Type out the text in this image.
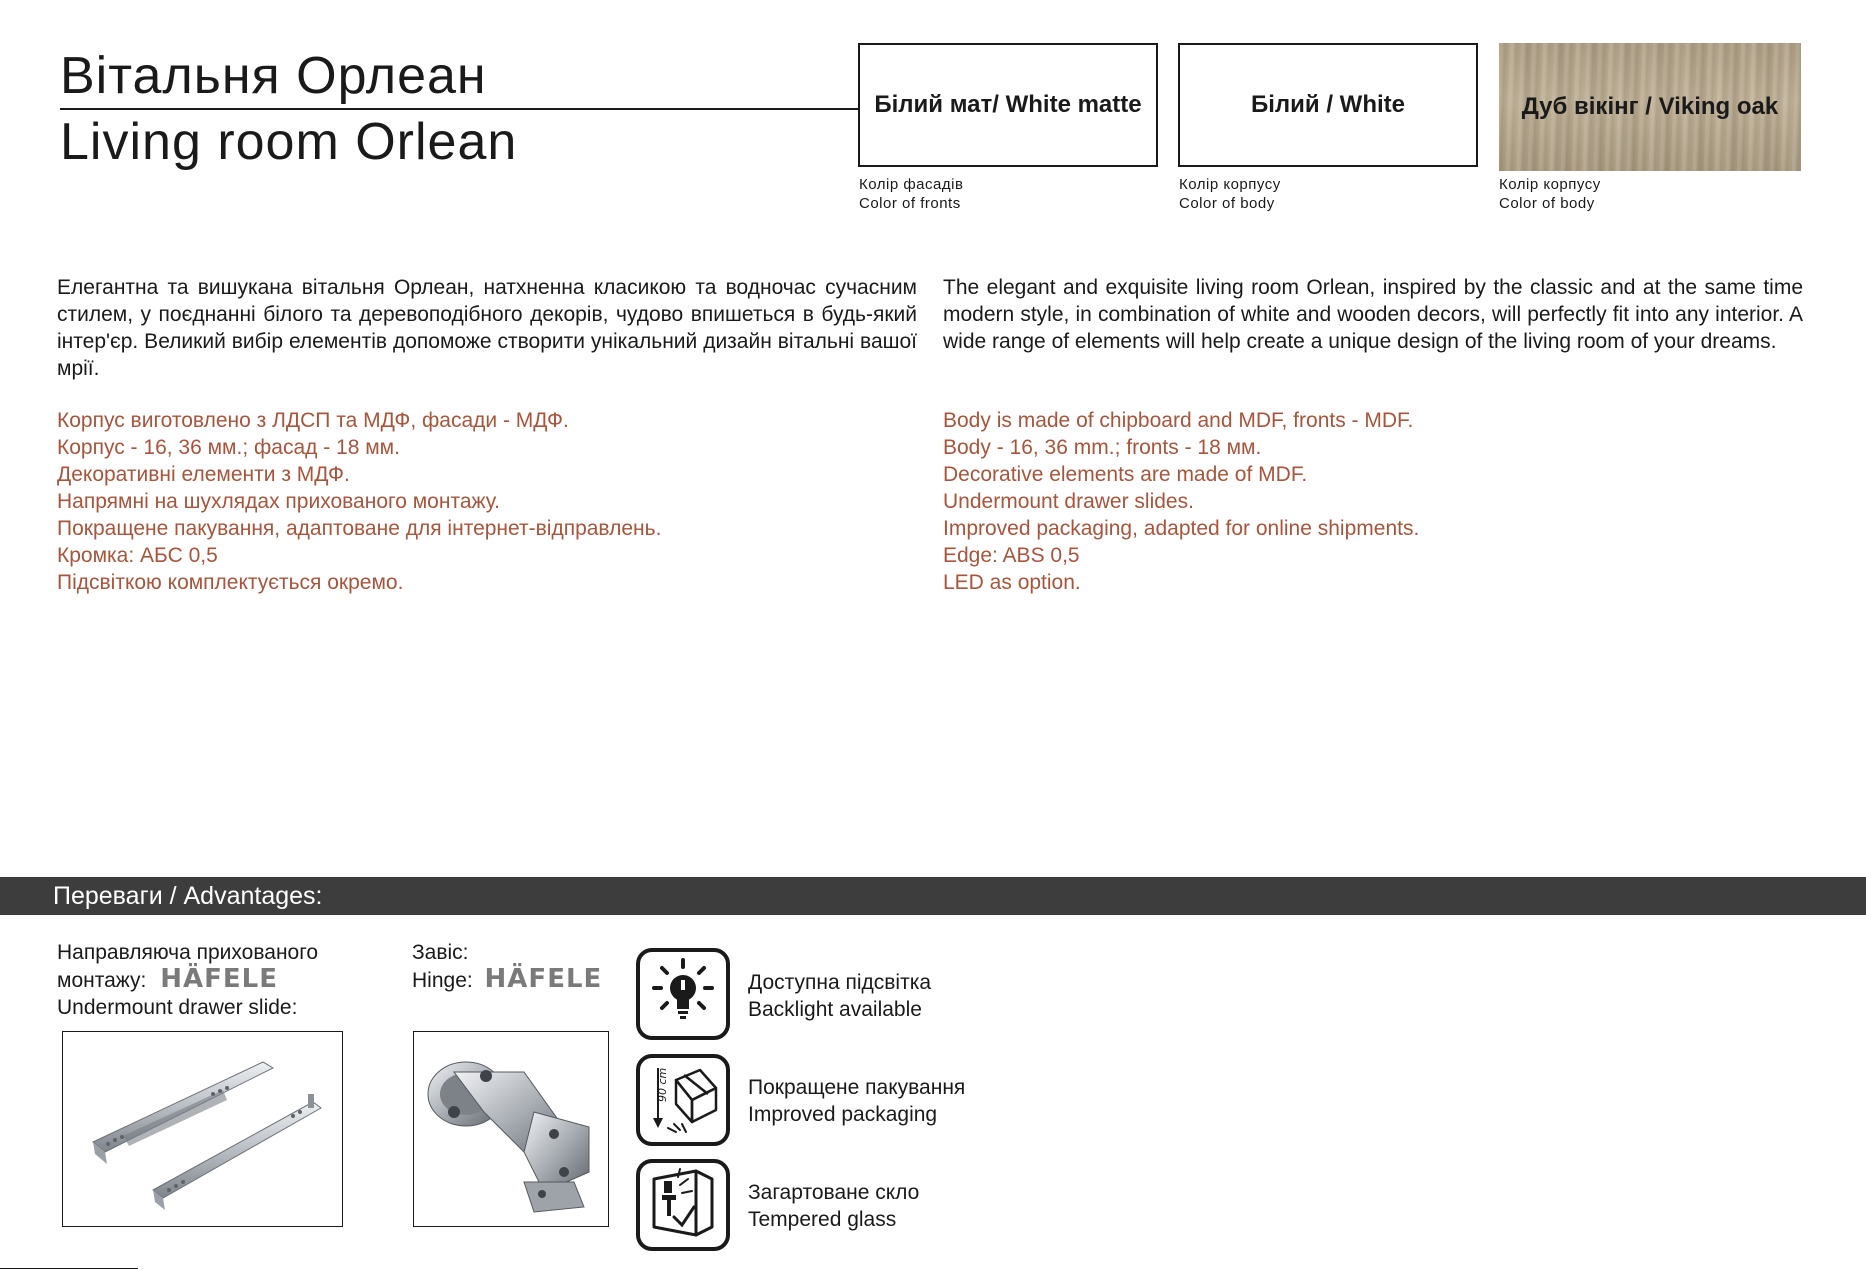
Вітальня Орлеан
Living room Orlean
Білий мат/ White matte
Колір фасадів
Color of fronts
Білий / White
Колір корпусу
Color of body
Дуб вікінг / Viking oak
Колір корпусу
Color of body
Елегантна та вишукана вітальня Орлеан, натхненна класикою та водночас сучасним стилем, у поєднанні білого та деревоподібного декорів, чудово впишеться в будь-який інтер'єр. Великий вибір елементів допоможе створити унікальний дизайн вітальні вашої мрії.
The elegant and exquisite living room Orlean, inspired by the classic and at the same time modern style, in combination of white and wooden decors, will perfectly fit into any interior. A wide range of elements will help create a unique design of the living room of your dreams.
Корпус виготовлено з ЛДСП та МДФ, фасади - МДФ.
Корпус - 16, 36 мм.; фасад - 18 мм.
Декоративні елементи з МДФ.
Напрямні на шухлядах прихованого монтажу.
Покращене пакування, адаптоване для інтернет-відправлень.
Кромка: АБС 0,5
Підсвіткою комплектується окремо.
Body is made of chipboard and MDF, fronts - MDF.
Body - 16, 36 mm.; fronts - 18 мм.
Decorative elements are made of MDF.
Undermount drawer slides.
Improved packaging, adapted for online shipments.
Edge: ABS 0,5
LED as option.
Переваги / Advantages:
Направляюча прихованого
монтажу: HÄFELE
Undermount drawer slide:
Завіс:
Hinge: HÄFELE	Доступна підсвітка
Backlight available
90 cm	Покращене пакування
Improved packaging
Загартоване скло
Tempered glass
